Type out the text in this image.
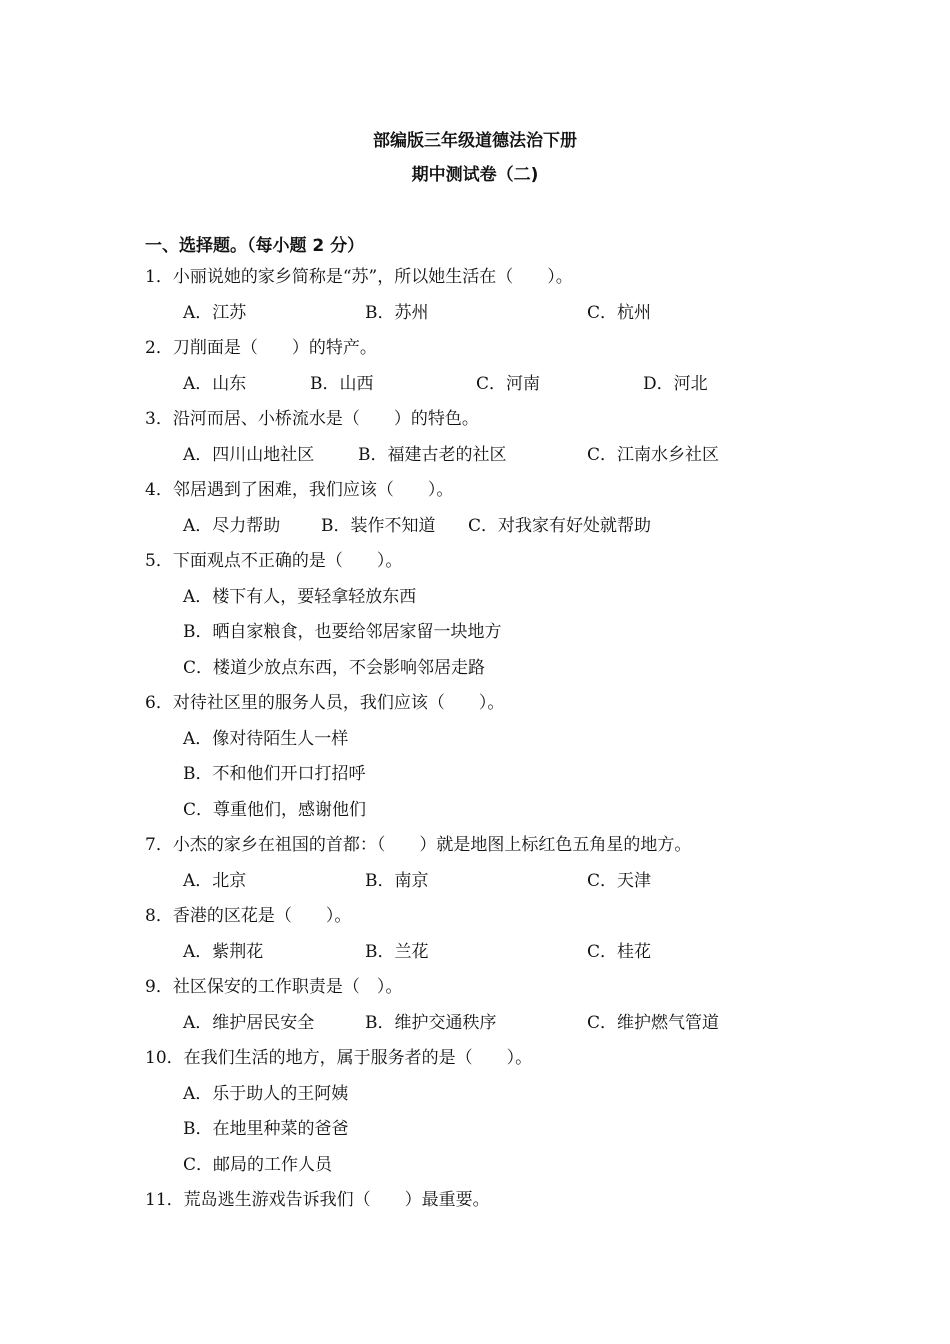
部编版三年级道德法治下册
期中测试卷（二)
一、选择题。（每小题 2 分）
1．小丽说她的家乡简称是“苏”，所以她生活在（　　）。
A．江苏	B．苏州	C．杭州
2．刀削面是（　　）的特产。
A．山东	B．山西	C．河南	D．河北
3．沿河而居、小桥流水是（　　）的特色。
A．四川山地社区	B．福建古老的社区	C．江南水乡社区
4．邻居遇到了困难，我们应该（　　）。
A．尽力帮助 B．装作不知道 C．对我家有好处就帮助
5．下面观点不正确的是（　　）。
A．楼下有人，要轻拿轻放东西
B．晒自家粮食，也要给邻居家留一块地方
C．楼道少放点东西，不会影响邻居走路
6．对待社区里的服务人员，我们应该（　　）。
A．像对待陌生人一样
B．不和他们开口打招呼
C．尊重他们，感谢他们
7．小杰的家乡在祖国的首都：（　　）就是地图上标红色五角星的地方。
A．北京	B．南京	C．天津
8．香港的区花是（　　）。
A．紫荆花	B．兰花	C．桂花
9．社区保安的工作职责是（　）。
A．维护居民安全	B．维护交通秩序	C．维护燃气管道
10．在我们生活的地方，属于服务者的是（　　）。
A．乐于助人的王阿姨
B．在地里种菜的爸爸
C．邮局的工作人员
11．荒岛逃生游戏告诉我们（　　）最重要。
